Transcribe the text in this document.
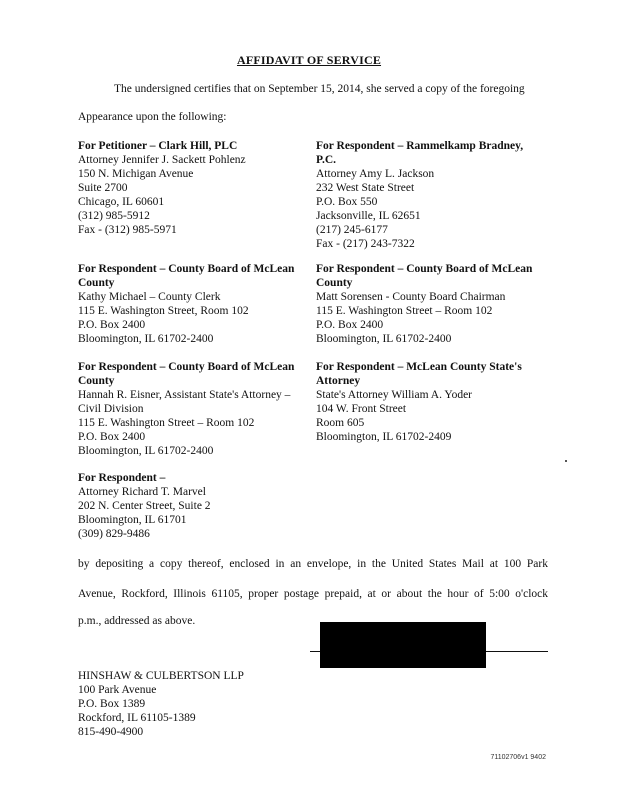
AFFIDAVIT OF SERVICE
The undersigned certifies that on September 15, 2014, she served a copy of the foregoing
Appearance upon the following:
For Petitioner – Clark Hill, PLC
Attorney Jennifer J. Sackett Pohlenz
150 N. Michigan Avenue
Suite 2700
Chicago, IL 60601
(312) 985-5912
Fax - (312) 985-5971
For Respondent – Rammelkamp Bradney,
P.C.
Attorney Amy L. Jackson
232 West State Street
P.O. Box 550
Jacksonville, IL 62651
(217) 245-6177
Fax - (217) 243-7322
For Respondent – County Board of McLean
County
Kathy Michael – County Clerk
115 E. Washington Street, Room 102
P.O. Box 2400
Bloomington, IL 61702-2400
For Respondent – County Board of McLean
County
Matt Sorensen - County Board Chairman
115 E. Washington Street – Room 102
P.O. Box 2400
Bloomington, IL 61702-2400
For Respondent – County Board of McLean
County
Hannah R. Eisner, Assistant State's Attorney –
Civil Division
115 E. Washington Street – Room 102
P.O. Box 2400
Bloomington, IL 61702-2400
For Respondent – McLean County State's
Attorney
State's Attorney William A. Yoder
104 W. Front Street
Room 605
Bloomington, IL 61702-2409
For Respondent –
Attorney Richard T. Marvel
202 N. Center Street, Suite 2
Bloomington, IL 61701
(309) 829-9486
by depositing a copy thereof, enclosed in an envelope, in the United States Mail at 100 Park
Avenue, Rockford, Illinois 61105, proper postage prepaid, at or about the hour of 5:00 o'clock
p.m., addressed as above.
HINSHAW & CULBERTSON LLP
100 Park Avenue
P.O. Box 1389
Rockford, IL 61105-1389
815-490-4900
71102706v1 9402
